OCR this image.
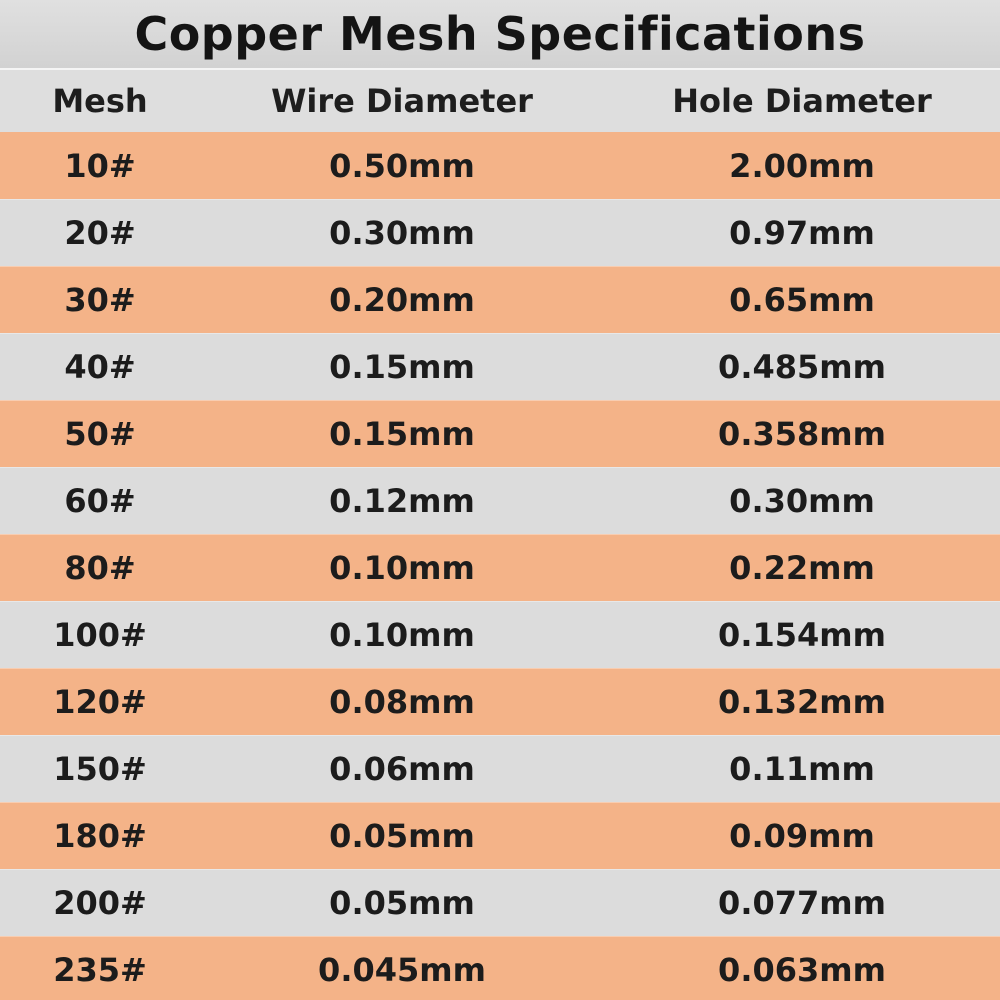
Copper Mesh Specifications
Mesh	Wire Diameter	Hole Diameter
10#	0.50mm	2.00mm
20#	0.30mm	0.97mm
30#	0.20mm	0.65mm
40#	0.15mm	0.485mm
50#	0.15mm	0.358mm
60#	0.12mm	0.30mm
80#	0.10mm	0.22mm
100#	0.10mm	0.154mm
120#	0.08mm	0.132mm
150#	0.06mm	0.11mm
180#	0.05mm	0.09mm
200#	0.05mm	0.077mm
235#	0.045mm	0.063mm
